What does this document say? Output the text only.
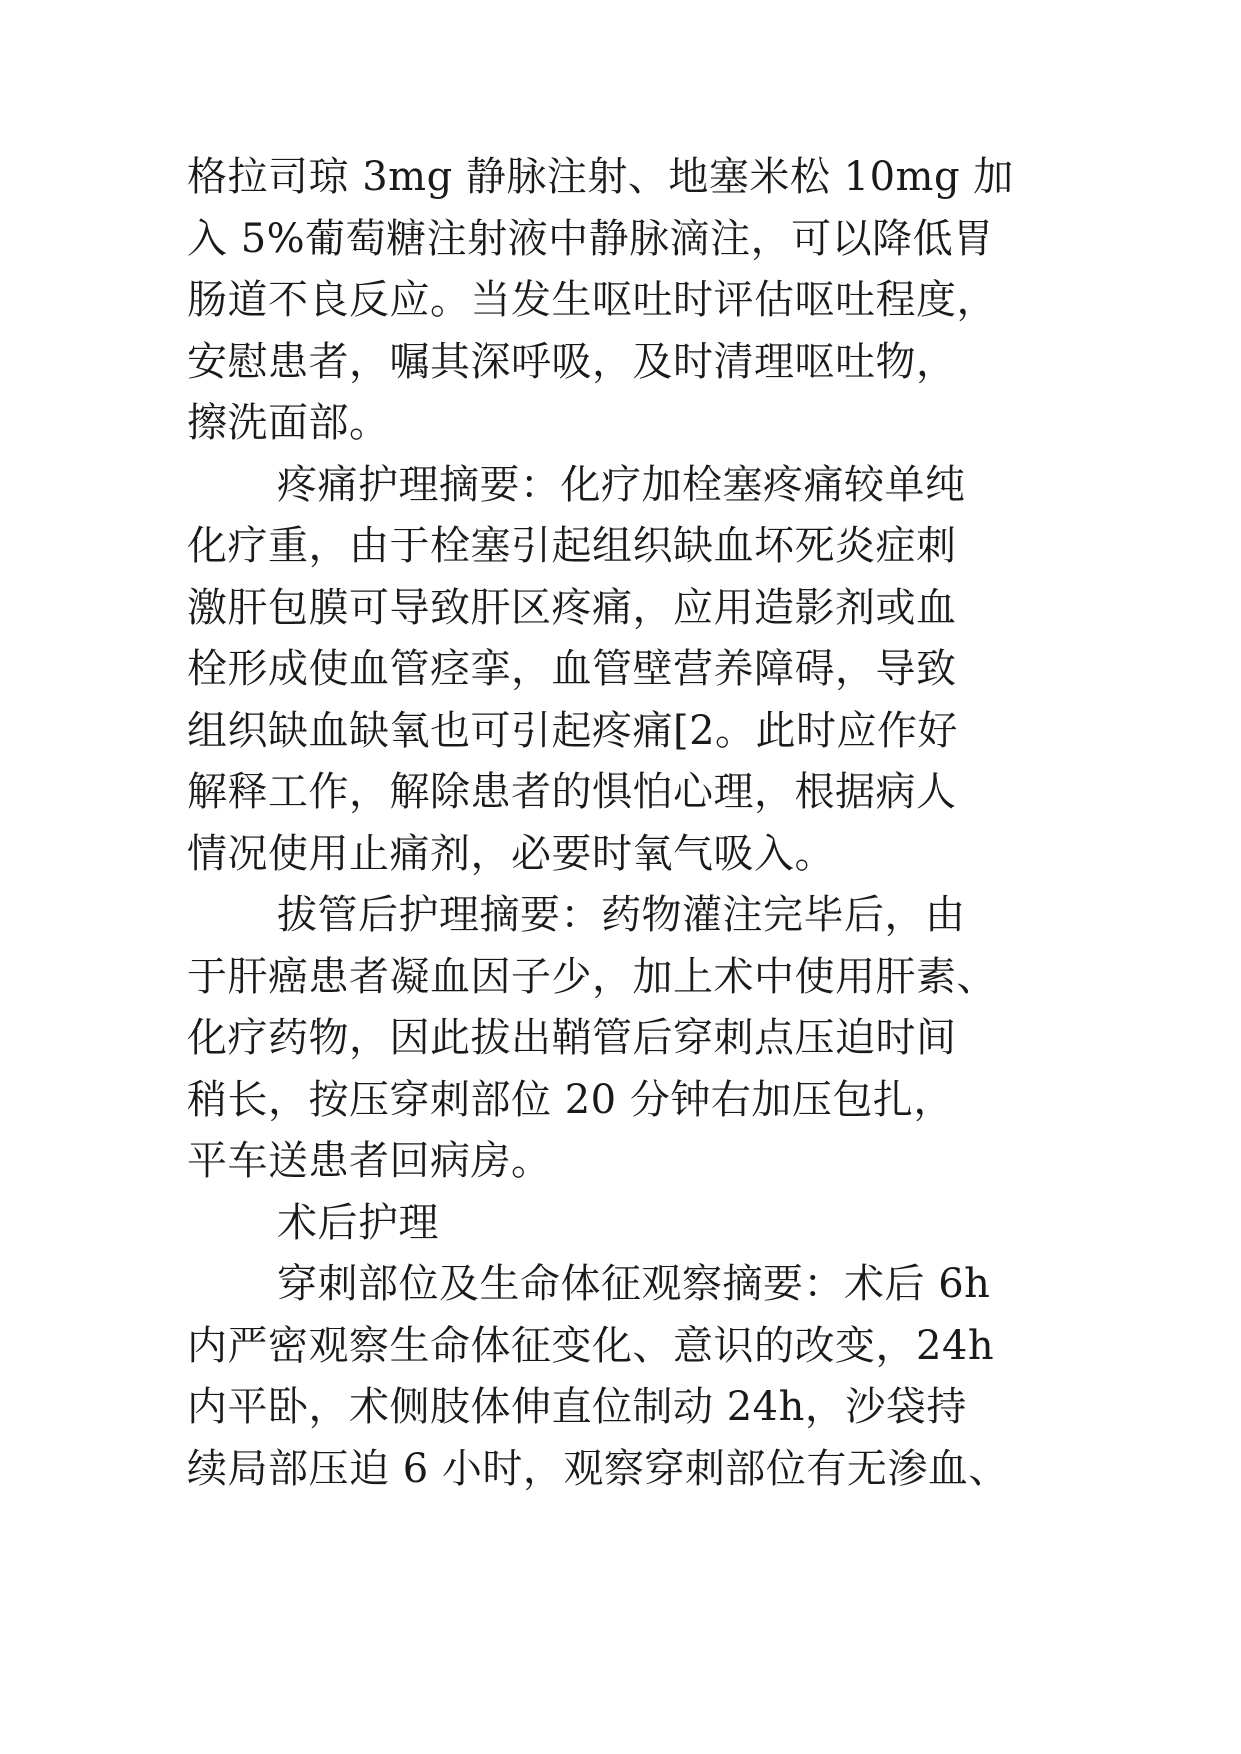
格拉司琼 3mg 静脉注射、地塞米松 10mg 加
入 5%葡萄糖注射液中静脉滴注，可以降低胃
肠道不良反应。当发生呕吐时评估呕吐程度，
安慰患者，嘱其深呼吸，及时清理呕吐物，
擦洗面部。
疼痛护理摘要：化疗加栓塞疼痛较单纯
化疗重，由于栓塞引起组织缺血坏死炎症刺
激肝包膜可导致肝区疼痛，应用造影剂或血
栓形成使血管痉挛，血管壁营养障碍，导致
组织缺血缺氧也可引起疼痛[2。此时应作好
解释工作，解除患者的惧怕心理，根据病人
情况使用止痛剂，必要时氧气吸入。
拔管后护理摘要：药物灌注完毕后，由
于肝癌患者凝血因子少，加上术中使用肝素、
化疗药物，因此拔出鞘管后穿刺点压迫时间
稍长，按压穿刺部位 20 分钟右加压包扎，
平车送患者回病房。
术后护理
穿刺部位及生命体征观察摘要：术后 6h
内严密观察生命体征变化、意识的改变，24h
内平卧，术侧肢体伸直位制动 24h，沙袋持
续局部压迫 6 小时，观察穿刺部位有无渗血、
